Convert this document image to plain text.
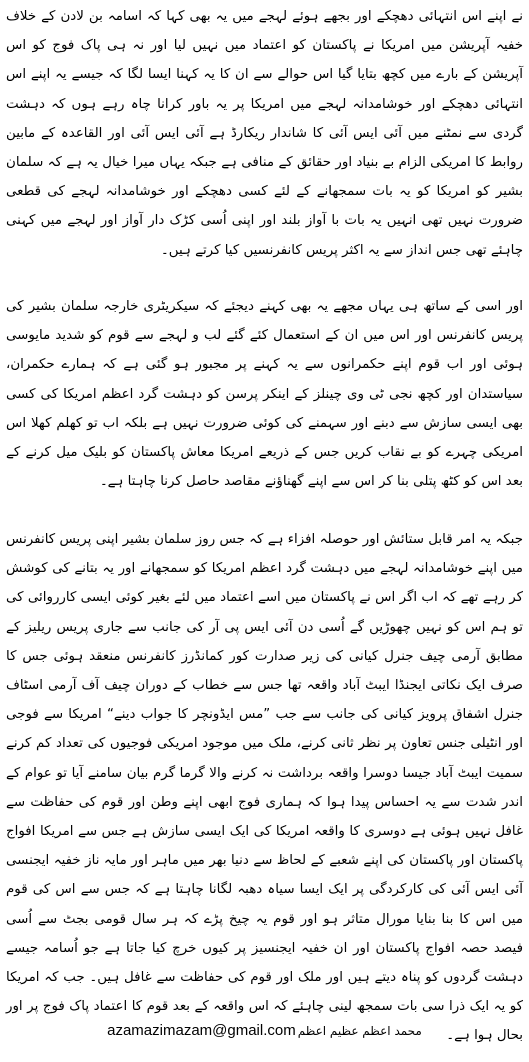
نے اپنے اس انتہائی دھچکے اور بجھے ہوئے لہجے میں یہ بھی کہا کہ اسامہ بن لادن کے خلاف خفیہ آپریشن میں امریکا نے پاکستان کو اعتماد میں نہیں لیا اور نہ ہی پاک فوج کو اس آپریشن کے بارے میں کچھ بتایا گیا اس حوالے سے ان کا یہ کہنا ایسا لگا کہ جیسے یہ اپنے اس انتہائی دھچکے اور خوشامدانہ لہجے میں امریکا پر یہ باور کرانا چاہ رہے ہوں کہ دہشت گردی سے نمٹنے میں آئی ایس آئی کا شاندار ریکارڈ ہے آئی ایس آئی اور القاعدہ کے مابین روابط کا امریکی الزام بے بنیاد اور حقائق کے منافی ہے جبکہ یہاں میرا خیال یہ ہے کہ سلمان بشیر کو امریکا کو یہ بات سمجھانے کے لئے کسی دھچکے اور خوشامدانہ لہجے کی قطعی ضرورت نہیں تھی انہیں یہ بات با آواز بلند اور اپنی اُسی کڑک دار آواز اور لہجے میں کہنی چاہئے تھی جس انداز سے یہ اکثر پریس کانفرنسیں کیا کرتے ہیں۔

اور اسی کے ساتھ ہی یہاں مجھے یہ بھی کہنے دیجئے کہ سیکریٹری خارجہ سلمان بشیر کی پریس کانفرنس اور اس میں ان کے استعمال کئے گئے لب و لہجے سے قوم کو شدید مایوسی ہوئی اور اب قوم اپنے حکمرانوں سے یہ کہنے پر مجبور ہو گئی ہے کہ ہمارے حکمران، سیاستدان اور کچھ نجی ٹی وی چینلز کے اینکر پرسن کو دہشت گرد اعظم امریکا کی کسی بھی ایسی سازش سے دبنے اور سہمنے کی کوئی ضرورت نہیں ہے بلکہ اب تو کھلم کھلا اس امریکی چہرے کو بے نقاب کریں جس کے ذریعے امریکا معاش پاکستان کو بلیک میل کرنے کے بعد اس کو کٹھ پتلی بنا کر اس سے اپنے گھناؤنے مقاصد حاصل کرنا چاہتا ہے۔

جبکہ یہ امر قابل ستائش اور حوصلہ افزاء ہے کہ جس روز سلمان بشیر اپنی پریس کانفرنس میں اپنے خوشامدانہ لہجے میں دہشت گرد اعظم امریکا کو سمجھانے اور یہ بتانے کی کوشش کر رہے تھے کہ اب اگر اس نے پاکستان میں اسے اعتماد میں لئے بغیر کوئی ایسی کارروائی کی تو ہم اس کو نہیں چھوڑیں گے اُسی دن آئی ایس پی آر کی جانب سے جاری پریس ریلیز کے مطابق آرمی چیف جنرل کیانی کی زیر صدارت کور کمانڈرز کانفرنس منعقد ہوئی جس کا صرف ایک نکاتی ایجنڈا ایبٹ آباد واقعہ تھا جس سے خطاب کے دوران چیف آف آرمی اسٹاف جنرل اشفاق پرویز کیانی کی جانب سے جب ”مس ایڈونچر کا جواب دینے“ امریکا سے فوجی اور انٹیلی جنس تعاون پر نظر ثانی کرنے، ملک میں موجود امریکی فوجیوں کی تعداد کم کرنے سمیت ایبٹ آباد جیسا دوسرا واقعہ برداشت نہ کرنے والا گرما گرم بیان سامنے آیا تو عوام کے اندر شدت سے یہ احساس پیدا ہوا کہ ہماری فوج ابھی اپنے وطن اور قوم کی حفاظت سے غافل نہیں ہوئی ہے دوسری کا واقعہ امریکا کی ایک ایسی سازش ہے جس سے امریکا افواج پاکستان اور پاکستان کی اپنے شعبے کے لحاظ سے دنیا بھر میں ماہر اور مایہ ناز خفیہ ایجنسی آئی ایس آئی کی کارکردگی پر ایک ایسا سیاہ دھبہ لگانا چاہتا ہے کہ جس سے اس کی قوم میں اس کا بنا بنایا مورال متاثر ہو اور قوم یہ چیخ پڑے کہ ہر سال قومی بجٹ سے اُسی فیصد حصہ افواج پاکستان اور ان خفیہ ایجنسیز پر کیوں خرچ کیا جاتا ہے جو اُسامہ جیسے دہشت گردوں کو پناہ دیتے ہیں اور ملک اور قوم کی حفاظت سے غافل ہیں۔ جب کہ امریکا کو یہ ایک ذرا سی بات سمجھ لینی چاہئے کہ اس واقعہ کے بعد قوم کا اعتماد پاک فوج پر اور بحال ہوا ہے۔

azamazimazam@gmail.com محمد اعظم عظیم اعظم
